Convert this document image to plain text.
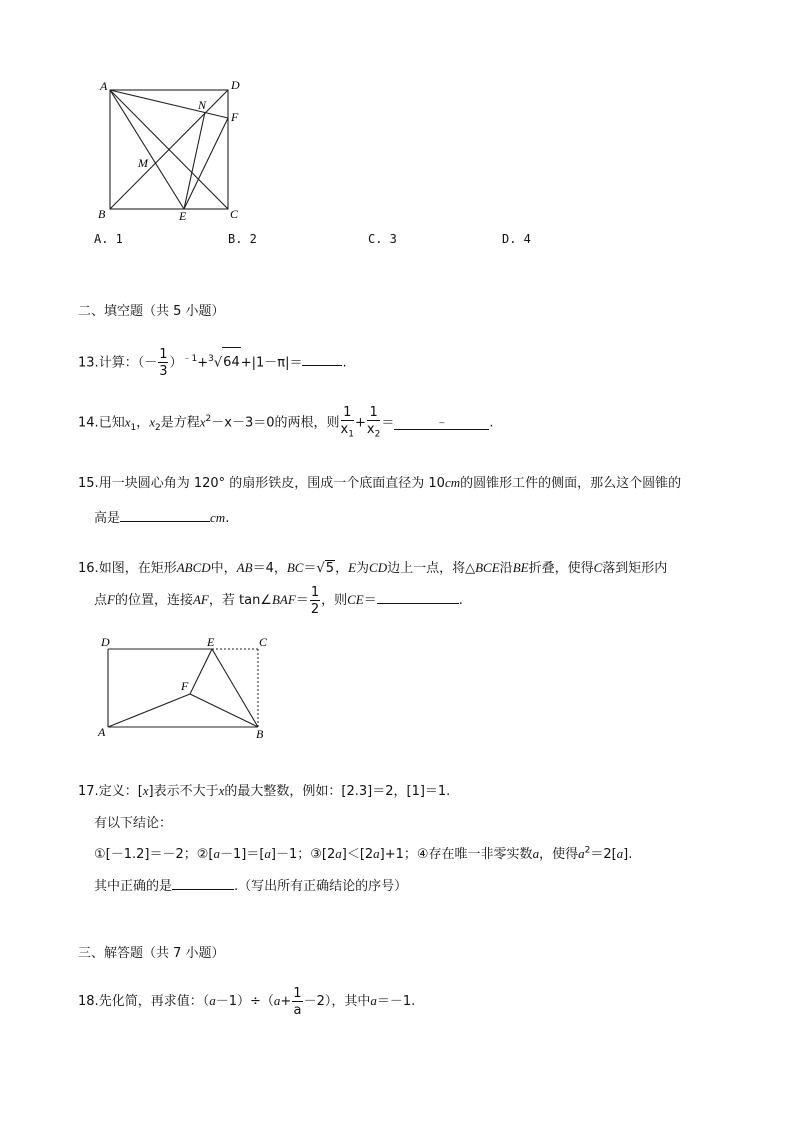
A	D
N
F
M
B	E	C
A. 1	B. 2	C. 3	D. 4
二、填空题（共 5 小题）
13.计算：（－ $\frac{1}{3} )^{﹣1}+^3√64+|1-\pi|=$	.
14.已知$x_1$，$x_2$是方程$x^2-x-3=0$的两根，则 $\frac{1}{x_1} + \frac{1}{x_2}$ ＝	﹣	.
15.用一块圆心角为 120° 的扇形铁皮，围成一个底面直径为 10cm的圆锥形工件的侧面，那么这个圆锥的
高是	cm.
16.如图，在矩形ABCD中，AB＝4，BC＝√5，E为CD边上一点，将△BCE沿BE折叠，使得C落到矩形内
点F的位置，连接AF，若 tan∠BAF＝ $\frac{1}{2}$ ，则CE＝	.
D	E	C
F
A	B
17.定义：[x]表示不大于x的最大整数，例如：[2.3]＝2，[1]＝1.
有以下结论：
①[－1.2]＝－2；②[a－1]＝[a]－1；③[2a]＜[2a]+1；④存在唯一非零实数a，使得$a^2=2[a]$.
其中正确的是	.（写出所有正确结论的序号）
三、解答题（共 7 小题）
18.先化简，再求值：$(a-1)\div(a+ \frac{1}{a} -2)$，其中a＝－1.
